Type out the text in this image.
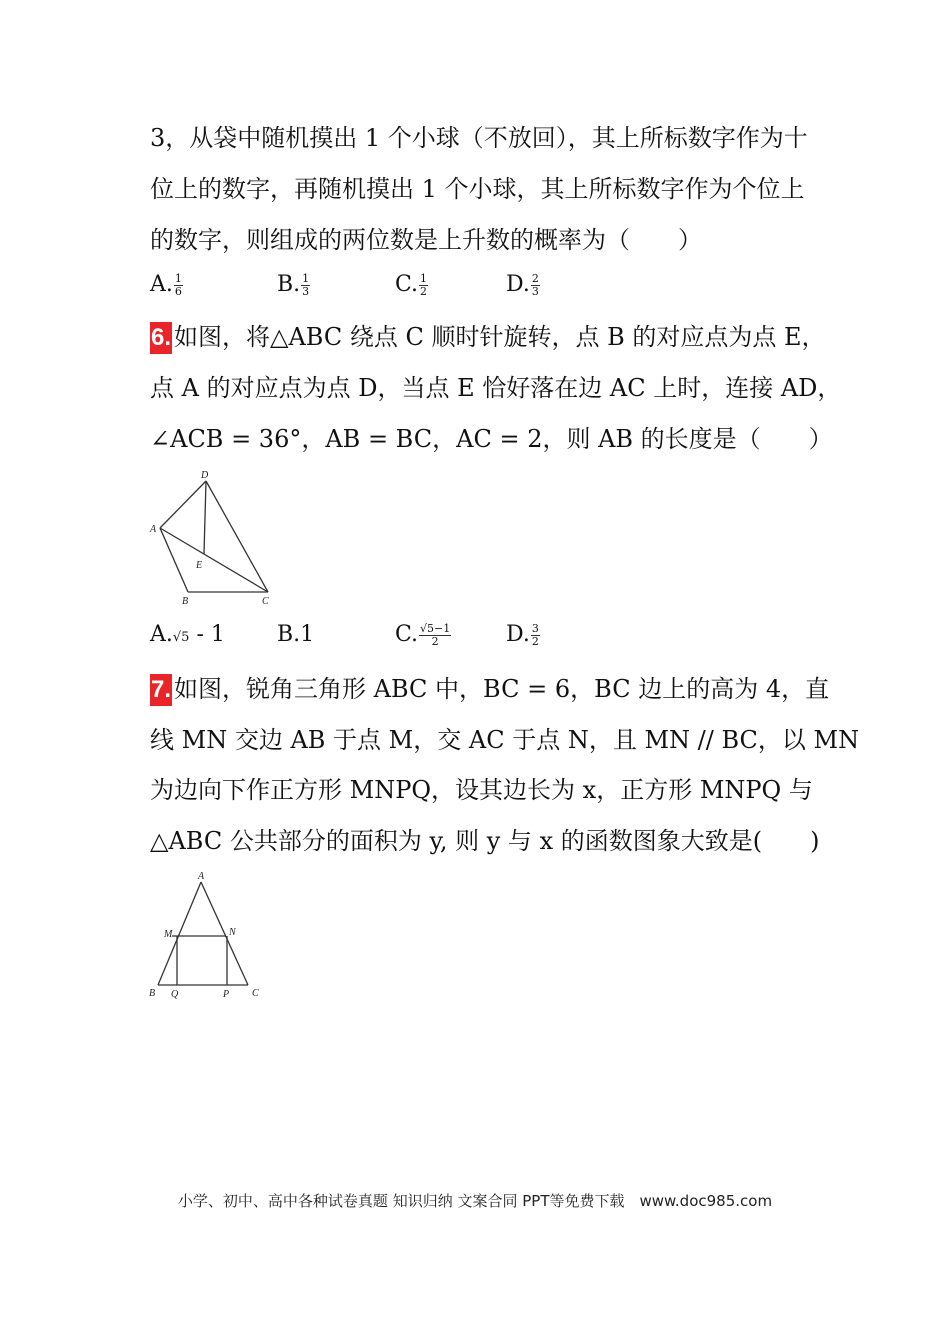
3，从袋中随机摸出 1 个小球（不放回），其上所标数字作为十
位上的数字，再随机摸出 1 个小球，其上所标数字作为个位上
的数字，则组成的两位数是上升数的概率为（　　）
A. $\frac{1}{6}$	B. $\frac{1}{3}$	C. $\frac{1}{2}$	D. $\frac{2}{3}$
6. 如图，将△ABC 绕点 C 顺时针旋转，点 B 的对应点为点 E，
点 A 的对应点为点 D，当点 E 恰好落在边 AC 上时，连接 AD，
∠ACB = 36°，AB = BC，AC = 2，则 AB 的长度是（　　）
D
A
E
B	C
A.√5 - 1 B.1	C. $\frac{√5-1}{2} D$. $\frac{3}{2}$
7. 如图，锐角三角形 ABC 中，BC = 6，BC 边上的高为 4，直
线 MN 交边 AB 于点 M，交 AC 于点 N，且 MN // BC，以 MN
为边向下作正方形 MNPQ，设其边长为 x，正方形 MNPQ 与
△ABC 公共部分的面积为 y, 则 y 与 x 的函数图象大致是(　　)
A
M	N
B Q	P C
小学、初中、高中各种试卷真题 知识归纳 文案合同 PPT等免费下载　www.doc985.com
